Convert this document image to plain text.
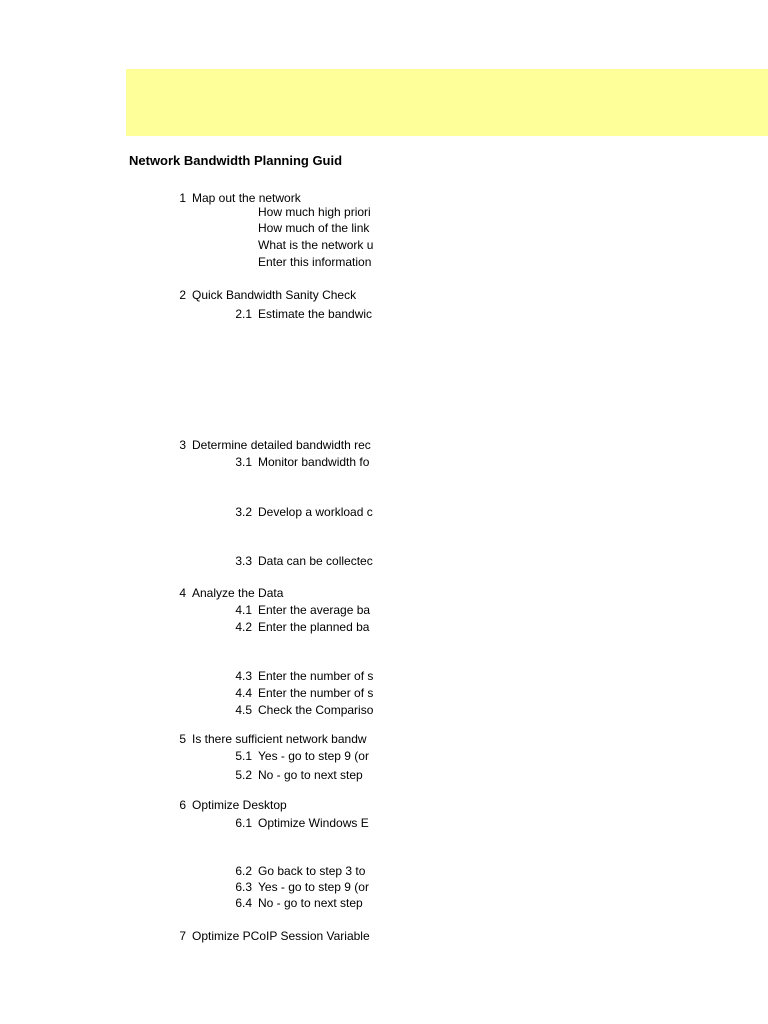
Network Bandwidth Planning Guid
1 Map out the network
How much high priori
How much of the link
What is the network u
Enter this information
2 Quick Bandwidth Sanity Check
2.1 Estimate the bandwic
3 Determine detailed bandwidth rec
3.1 Monitor bandwidth fo
3.2 Develop a workload c
3.3 Data can be collectec
4 Analyze the Data
4.1 Enter the average ba
4.2 Enter the planned ba
4.3 Enter the number of s
4.4 Enter the number of s
4.5 Check the Compariso
5 Is there sufficient network bandw
5.1 Yes - go to step 9 (or
5.2 No - go to next step
6 Optimize Desktop
6.1 Optimize Windows E
6.2 Go back to step 3 to
6.3 Yes - go to step 9 (or
6.4 No - go to next step
7 Optimize PCoIP Session Variable
